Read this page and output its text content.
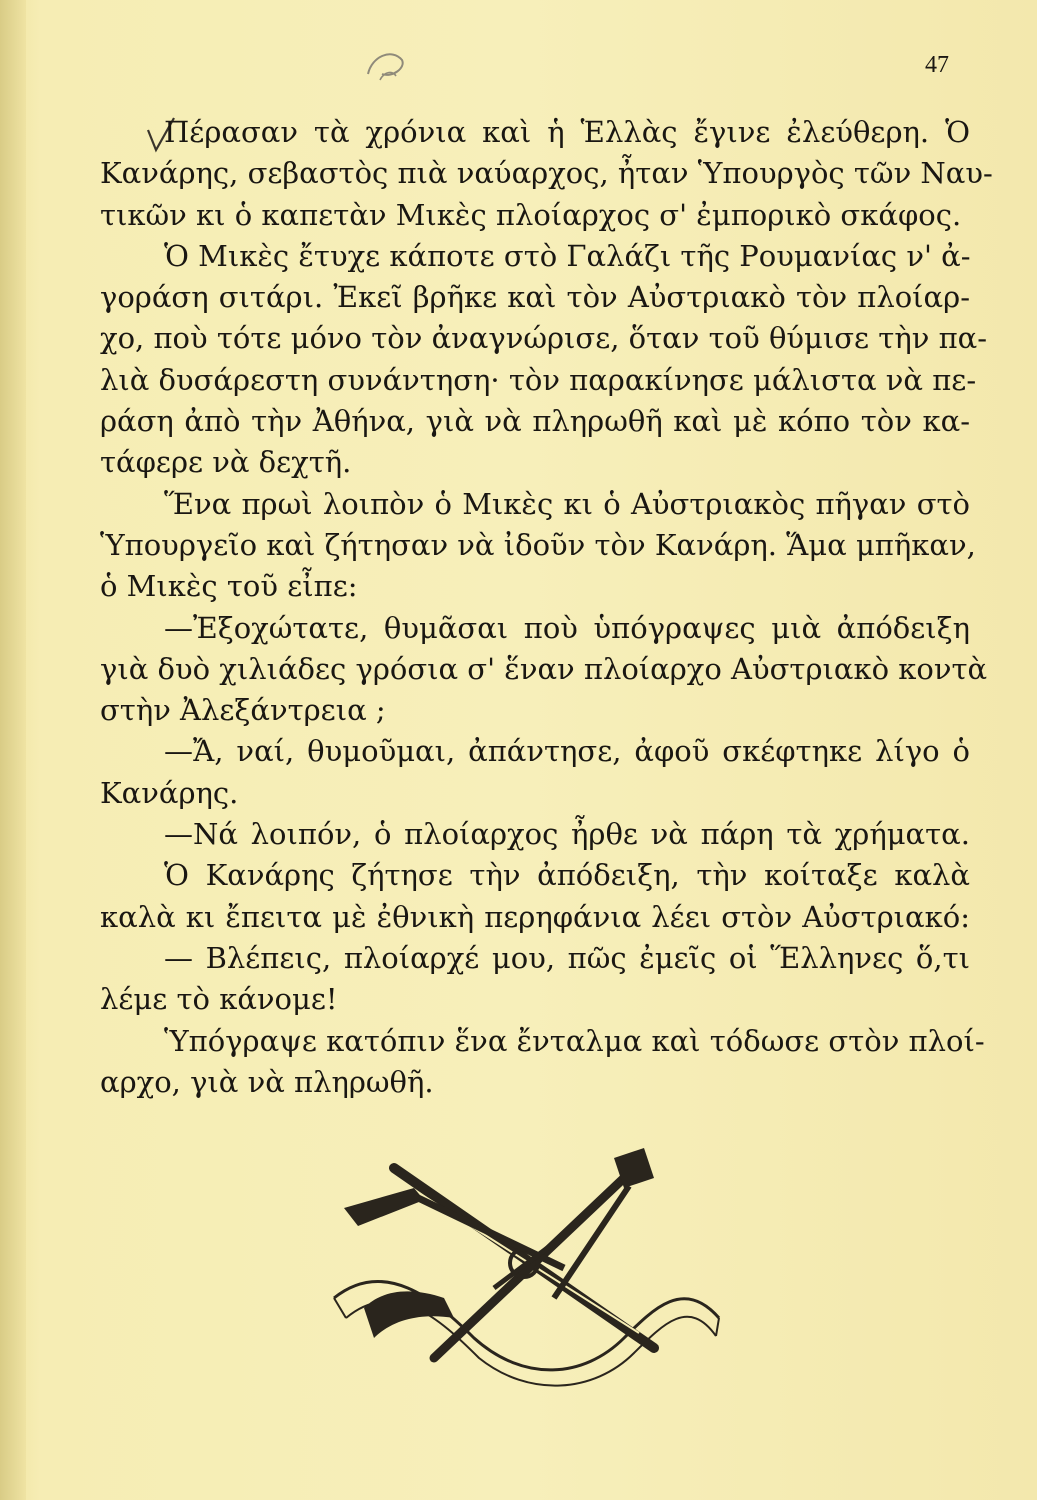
47
Πέρασαν τὰ χρόνια καὶ ἡ Ἑλλὰς ἔγινε ἐλεύθερη. Ὁ
Κανάρης, σεβαστὸς πιὰ ναύαρχος, ἦταν Ὑπουργὸς τῶν Ναυ-
τικῶν κι ὁ καπετὰν Μικὲς πλοίαρχος σ' ἐμπορικὸ σκάφος.
Ὁ Μικὲς ἔτυχε κάποτε στὸ Γαλάζι τῆς Ρουμανίας ν' ἀ-
γοράση σιτάρι. Ἐκεῖ βρῆκε καὶ τὸν Αὐστριακὸ τὸν πλοίαρ-
χο, ποὺ τότε μόνο τὸν ἀναγνώρισε, ὅταν τοῦ θύμισε τὴν πα-
λιὰ δυσάρεστη συνάντηση· τὸν παρακίνησε μάλιστα νὰ πε-
ράση ἀπὸ τὴν Ἀθήνα, γιὰ νὰ πληρωθῆ καὶ μὲ κόπο τὸν κα-
τάφερε νὰ δεχτῆ.
Ἕνα πρωὶ λοιπὸν ὁ Μικὲς κι ὁ Αὐστριακὸς πῆγαν στὸ
Ὑπουργεῖο καὶ ζήτησαν νὰ ἰδοῦν τὸν Κανάρη. Ἅμα μπῆκαν,
ὁ Μικὲς τοῦ εἶπε:
—Ἐξοχώτατε, θυμᾶσαι ποὺ ὑπόγραψες μιὰ ἀπόδειξη
γιὰ δυὸ χιλιάδες γρόσια σ' ἕναν πλοίαρχο Αὐστριακὸ κοντὰ
στὴν Ἀλεξάντρεια ;
—Ἄ, ναί, θυμοῦμαι, ἀπάντησε, ἀφοῦ σκέφτηκε λίγο ὁ
Κανάρης.
—Νά λοιπόν, ὁ πλοίαρχος ἦρθε νὰ πάρη τὰ χρήματα.
Ὁ Κανάρης ζήτησε τὴν ἀπόδειξη, τὴν κοίταξε καλὰ
καλὰ κι ἔπειτα μὲ ἐθνικὴ περηφάνια λέει στὸν Αὐστριακό:
— Βλέπεις, πλοίαρχέ μου, πῶς ἐμεῖς οἱ Ἕλληνες ὅ,τι
λέμε τὸ κάνομε!
Ὑπόγραψε κατόπιν ἕνα ἔνταλμα καὶ τόδωσε στὸν πλοί-
αρχο, γιὰ νὰ πληρωθῆ.
